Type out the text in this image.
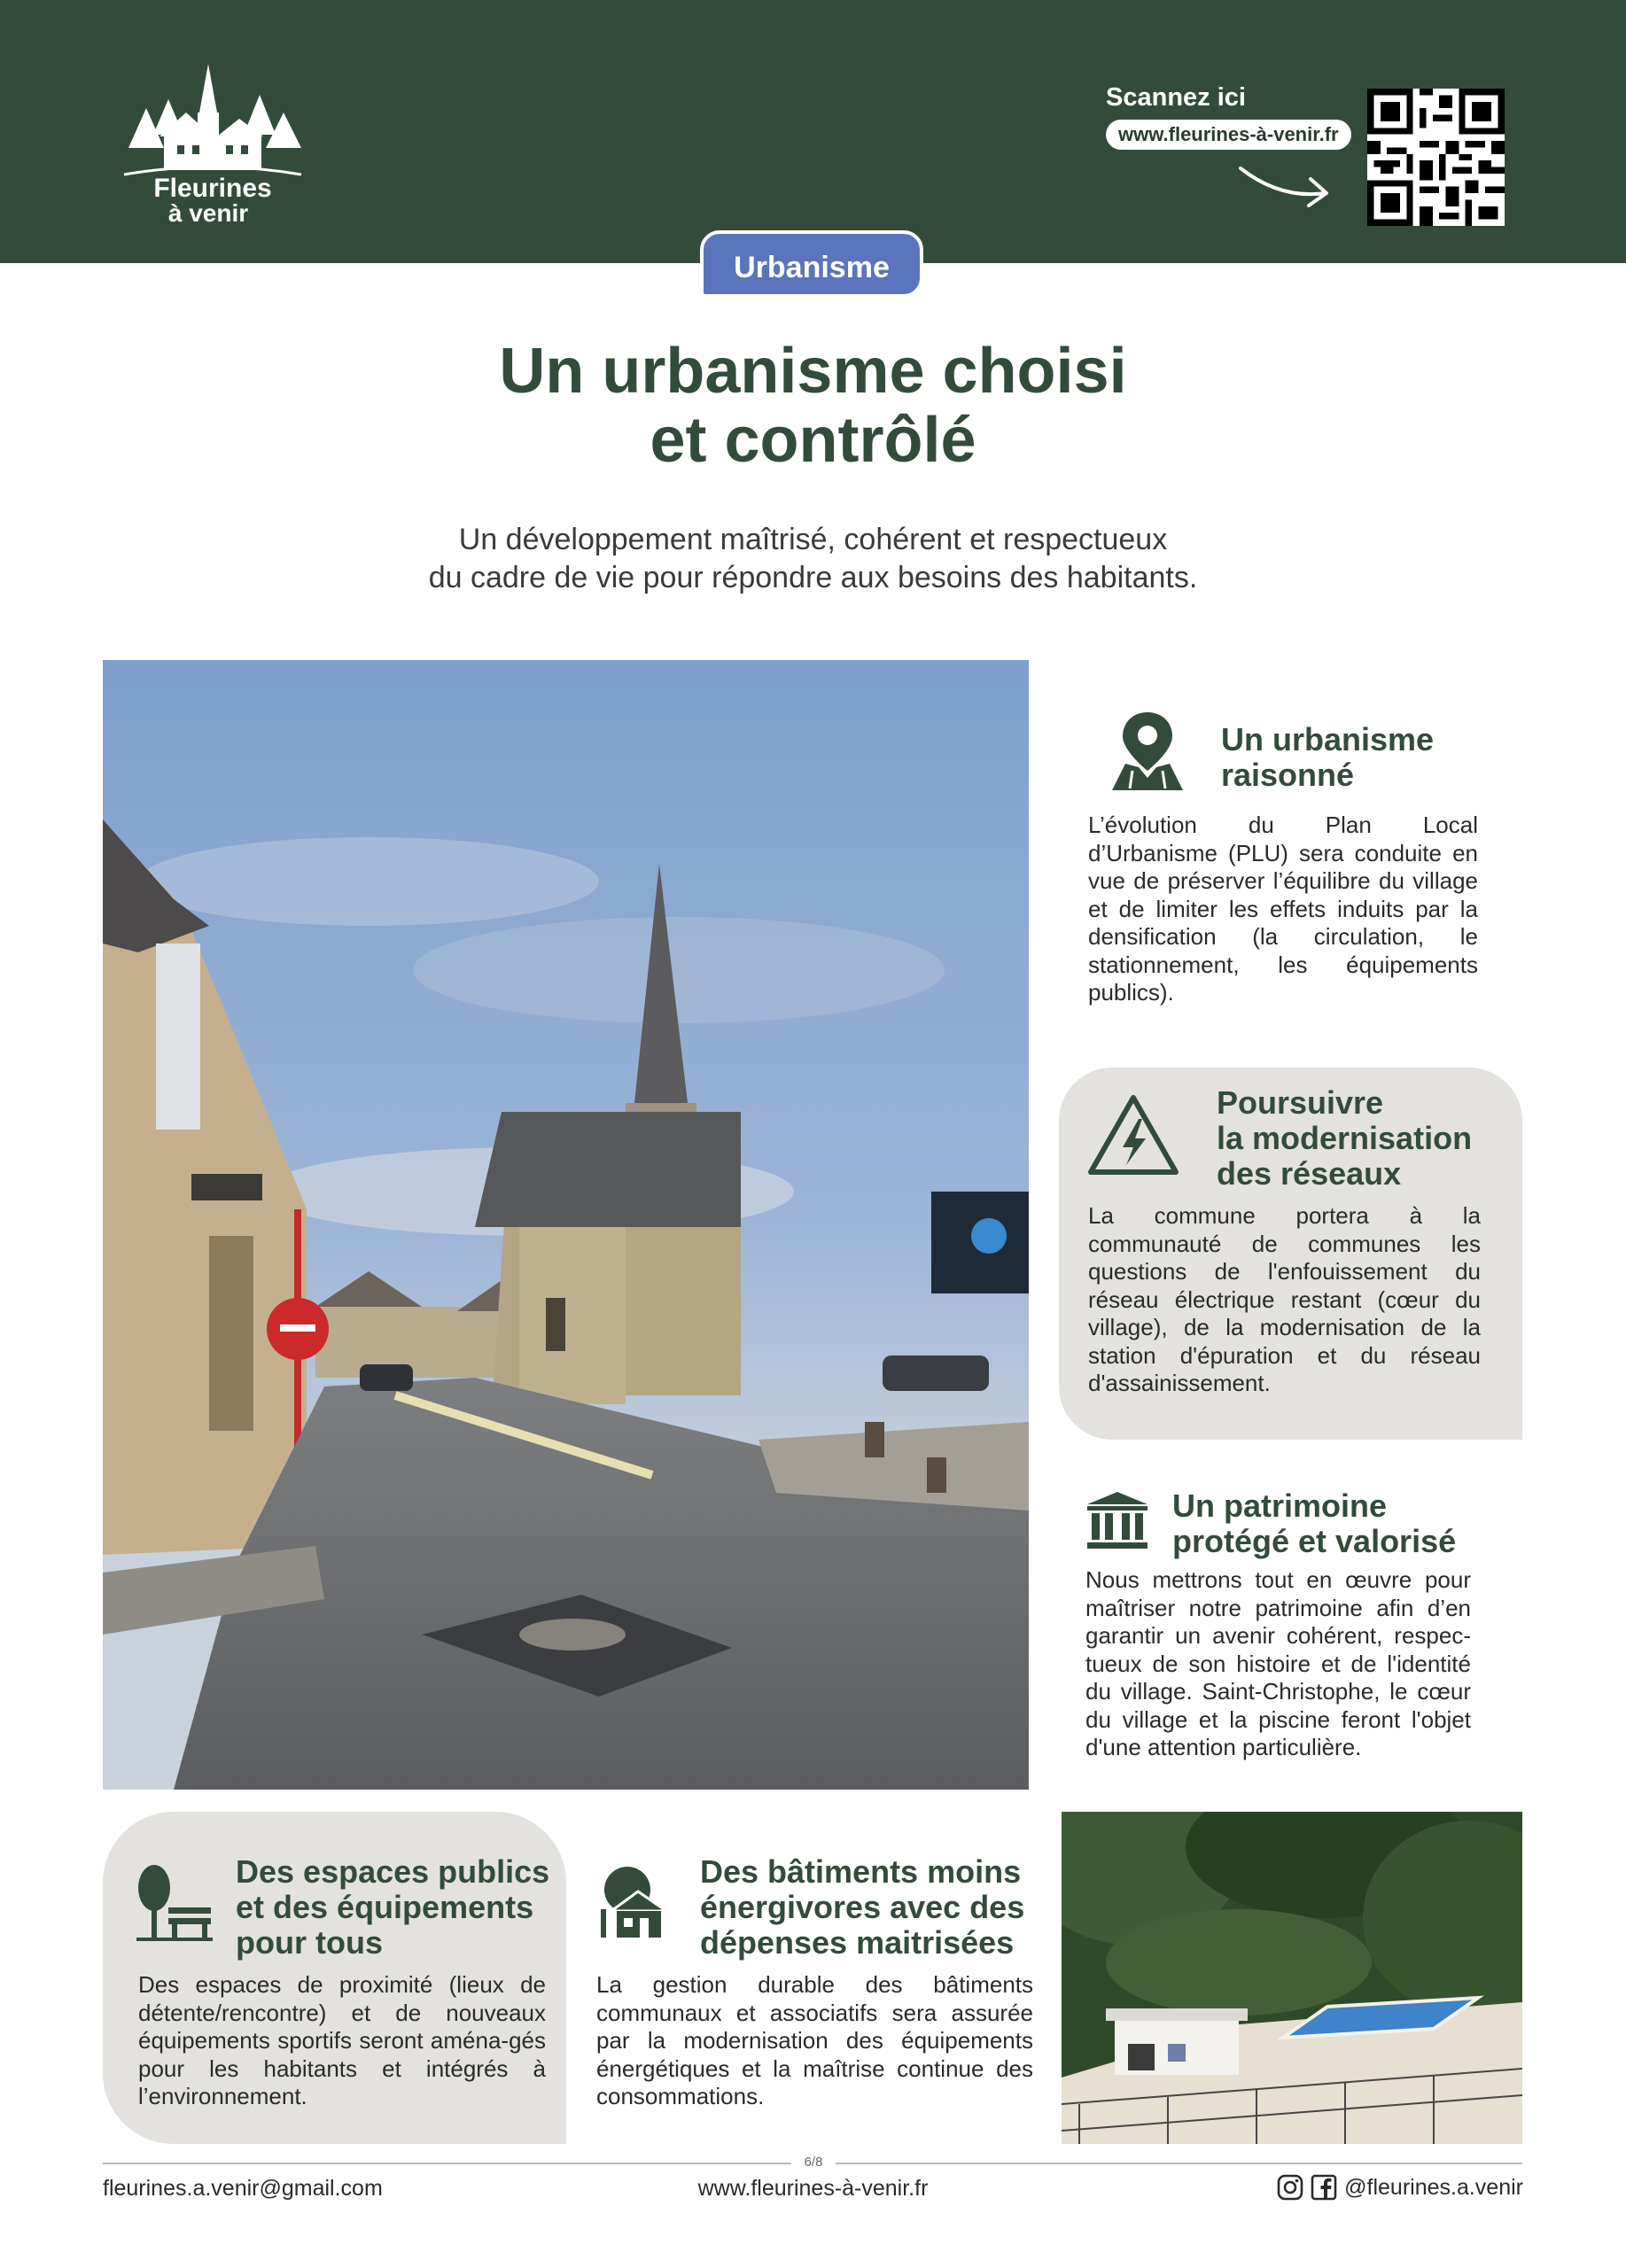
Fleurines
à venir
Scannez ici
www.fleurines-à-venir.fr
Urbanisme
Un urbanisme choisi
et contrôlé
Un développement maîtrisé, cohérent et respectueux
du cadre de vie pour répondre aux besoins des habitants.
Un urbanisme
raisonné

L’évolution du Plan Local d’Urbanisme (PLU) sera conduite en vue de préserver l’équilibre du village et de limiter les effets induits par la densification (la circulation, le stationnement, les équipements publics).

Poursuivre
la modernisation
des réseaux

La commune portera à la communauté de communes les questions de l'enfouissement du réseau électrique restant (cœur du village), de la modernisation de la station d'épuration et du réseau d'assainissement.

Un patrimoine
protégé et valorisé

Nous mettrons tout en œuvre pour maîtriser notre patrimoine afin d’en garantir un avenir cohérent, respec-tueux de son histoire et de l'identité du village. Saint-Christophe, le cœur du village et la piscine feront l'objet d'une attention particulière.

Des espaces publics
et des équipements
pour tous

Des espaces de proximité (lieux de détente/rencontre) et de nouveaux équipements sportifs seront aména-gés pour les habitants et intégrés à l’environnement.

Des bâtiments moins
énergivores avec des
dépenses maitrisées

La gestion durable des bâtiments communaux et associatifs sera assurée par la modernisation des équipements énergétiques et la maîtrise continue des consommations.

6/8
fleurines.a.venir@gmail.com	www.fleurines-à-venir.fr	@fleurines.a.venir
